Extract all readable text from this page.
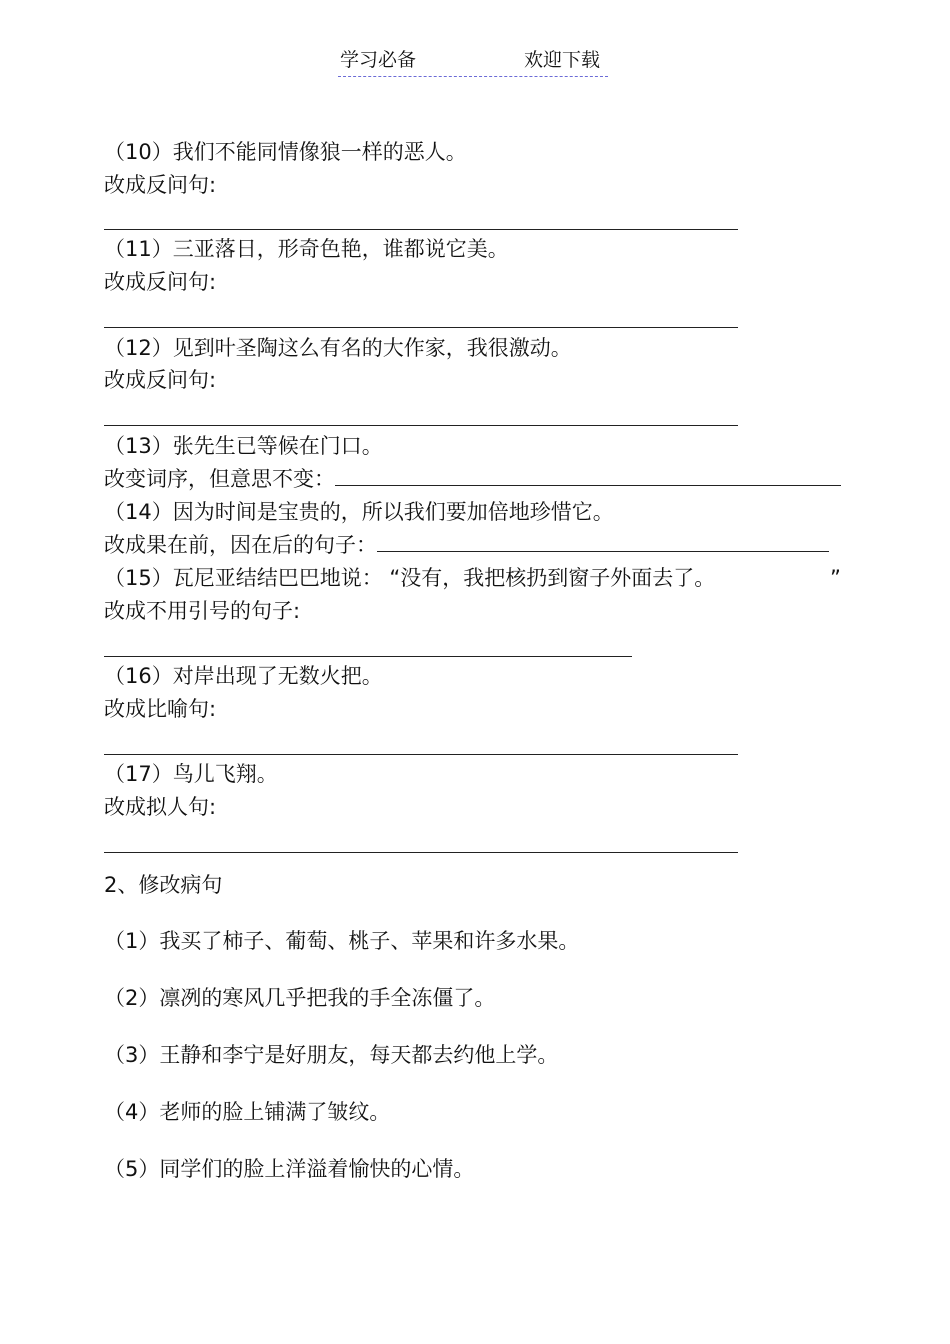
学习必备	欢迎下载
（10）我们不能同情像狼一样的恶人。
改成反问句:
（11）三亚落日，形奇色艳，谁都说它美。
改成反问句:
（12）见到叶圣陶这么有名的大作家，我很激动。
改成反问句:
（13）张先生已等候在门口。
改变词序，但意思不变：
（14）因为时间是宝贵的，所以我们要加倍地珍惜它。
改成果在前，因在后的句子：
（15）瓦尼亚结结巴巴地说： “没有，我把核扔到窗子外面去了。	”
改成不用引号的句子:
（16）对岸出现了无数火把。
改成比喻句:
（17）鸟儿飞翔。
改成拟人句:
2、修改病句
（1）我买了柿子、葡萄、桃子、苹果和许多水果。
（2）凛冽的寒风几乎把我的手全冻僵了。
（3）王静和李宁是好朋友，每天都去约他上学。
（4）老师的脸上铺满了皱纹。
（5）同学们的脸上洋溢着愉快的心情。
